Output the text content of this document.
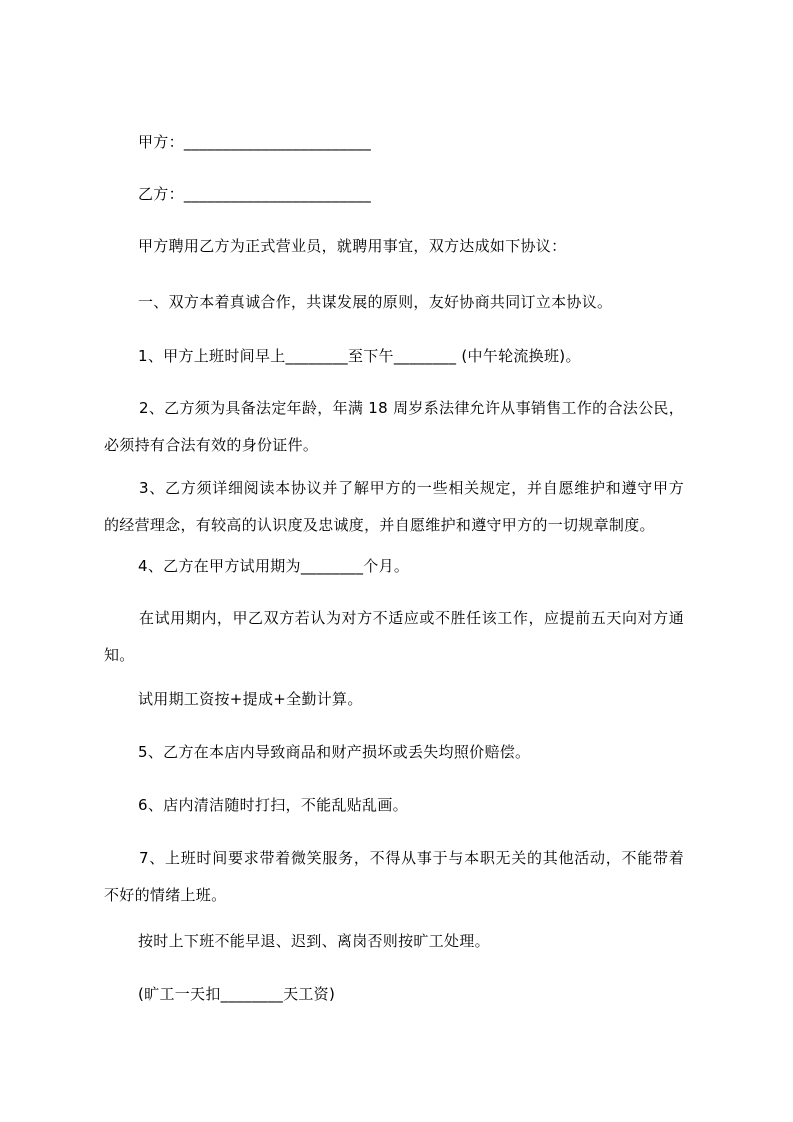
甲方：________________________

乙方：________________________

甲方聘用乙方为正式营业员，就聘用事宜，双方达成如下协议：

一、双方本着真诚合作，共谋发展的原则，友好协商共同订立本协议。

1、甲方上班时间早上________至下午________ (中午轮流换班)。

2、乙方须为具备法定年龄，年满 18 周岁系法律允许从事销售工作的合法公民，必须持有合法有效的身份证件。

3、乙方须详细阅读本协议并了解甲方的一些相关规定，并自愿维护和遵守甲方的经营理念，有较高的认识度及忠诚度，并自愿维护和遵守甲方的一切规章制度。

4、乙方在甲方试用期为________个月。

在试用期内，甲乙双方若认为对方不适应或不胜任该工作，应提前五天向对方通知。

试用期工资按+提成+全勤计算。

5、乙方在本店内导致商品和财产损坏或丢失均照价赔偿。

6、店内清洁随时打扫，不能乱贴乱画。

7、上班时间要求带着微笑服务，不得从事于与本职无关的其他活动，不能带着不好的情绪上班。

按时上下班不能早退、迟到、离岗否则按旷工处理。

(旷工一天扣________天工资)
